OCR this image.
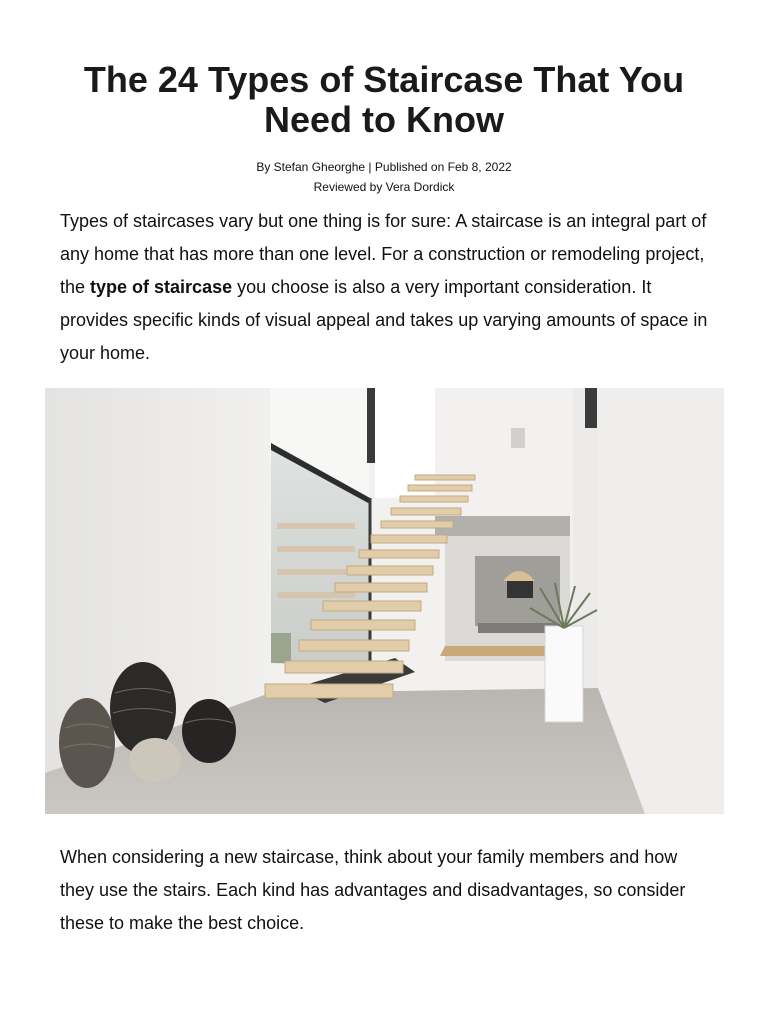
The 24 Types of Staircase That You Need to Know
By Stefan Gheorghe | Published on Feb 8, 2022
Reviewed by Vera Dordick

Types of staircases vary but one thing is for sure: A staircase is an integral part of any home that has more than one level. For a construction or remodeling project, the type of staircase you choose is also a very important consideration. It provides specific kinds of visual appeal and takes up varying amounts of space in your home.

When considering a new staircase, think about your family members and how they use the stairs. Each kind has advantages and disadvantages, so consider these to make the best choice.
